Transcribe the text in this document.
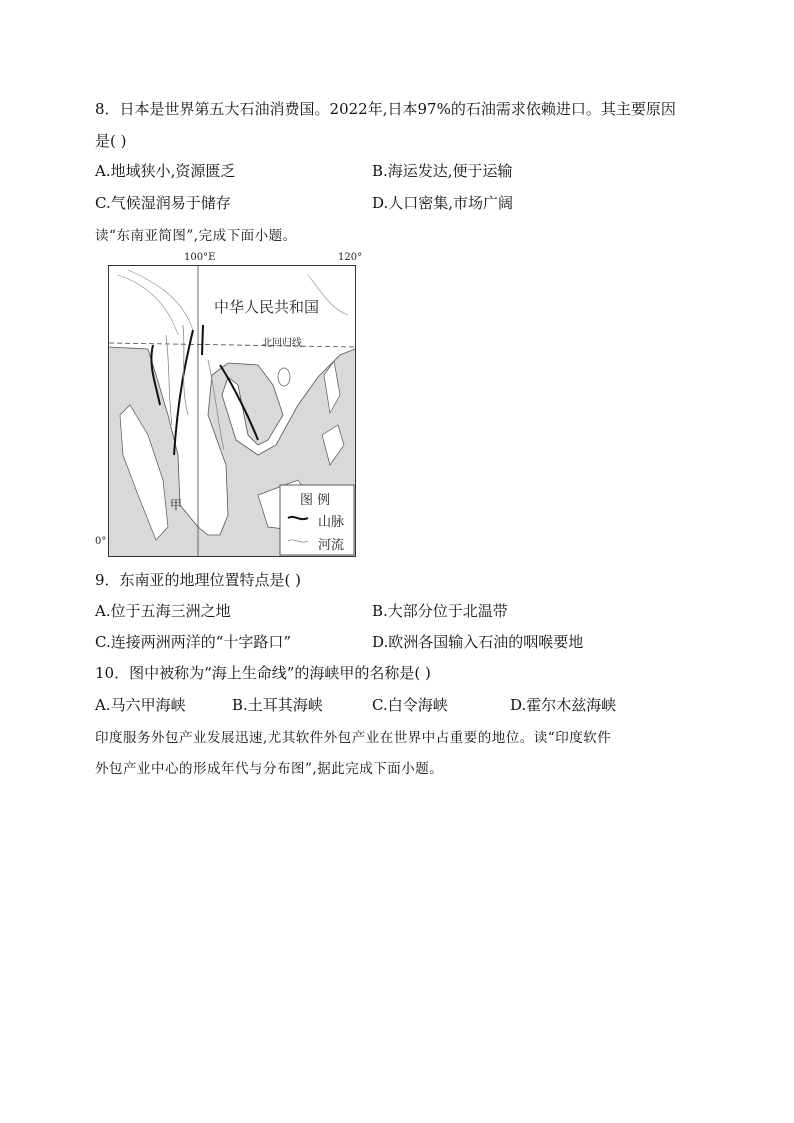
8．日本是世界第五大石油消费国。2022年,日本97%的石油需求依赖进口。其主要原因
是( )
A.地域狭小,资源匮乏	B.海运发达,便于运输
C.气候湿润易于储存	D.人口密集,市场广阔
读“东南亚简图”,完成下面小题。
100°E	120°
0°
中华人民共和国
北回归线
甲	图 例
山脉
河流
9．东南亚的地理位置特点是( )
A.位于五海三洲之地	B.大部分位于北温带
C.连接两洲两洋的“十字路口”	D.欧洲各国输入石油的咽喉要地
10．图中被称为“海上生命线”的海峡甲的名称是( )
A.马六甲海峡	B.土耳其海峡	C.白令海峡	D.霍尔木兹海峡
印度服务外包产业发展迅速,尤其软件外包产业在世界中占重要的地位。读“印度软件
外包产业中心的形成年代与分布图”,据此完成下面小题。
